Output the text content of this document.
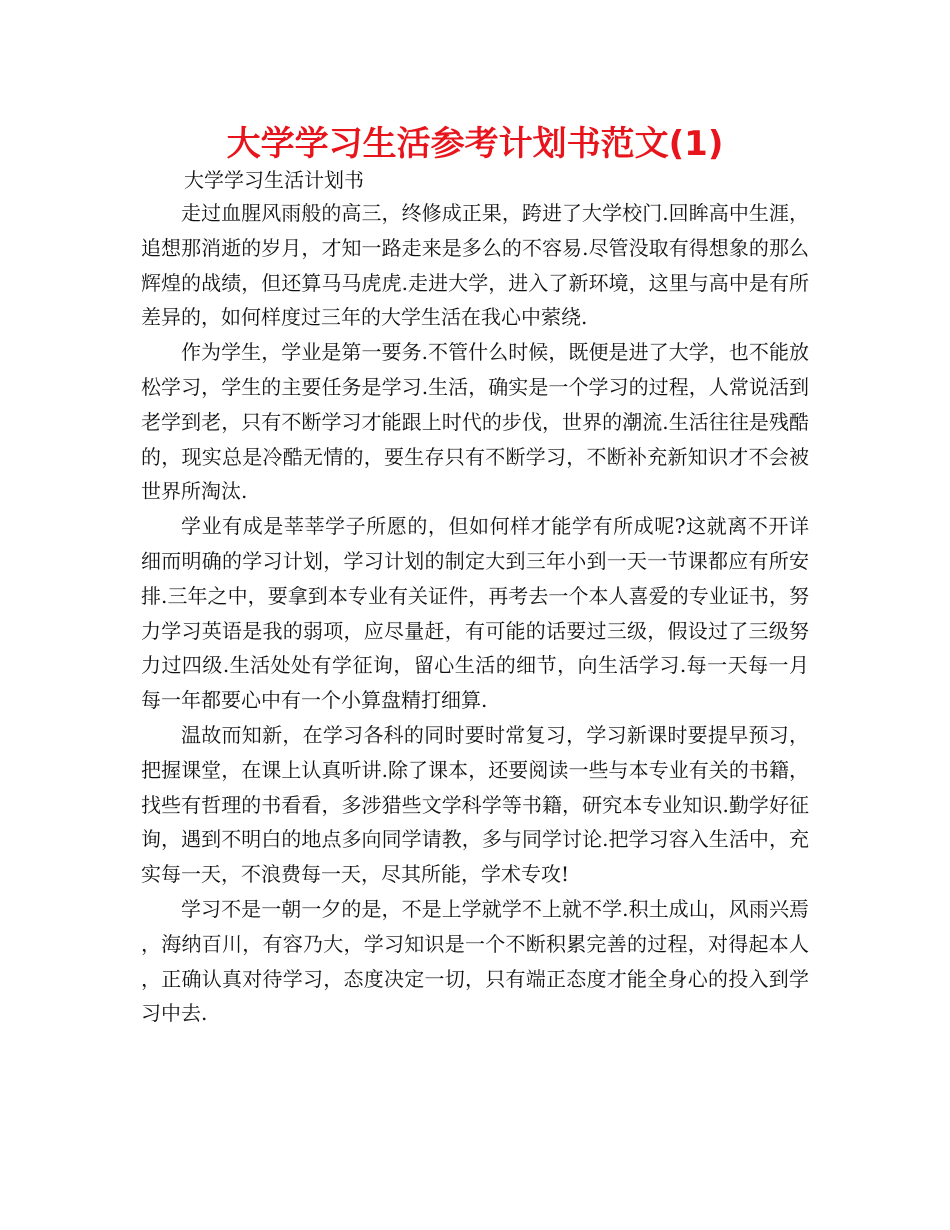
大学学习生活参考计划书范文(1)
大学学习生活计划书

走过血腥风雨般的高三，终修成正果，跨进了大学校门.回眸高中生涯，追想那消逝的岁月，才知一路走来是多么的不容易.尽管没取有得想象的那么辉煌的战绩，但还算马马虎虎.走进大学，进入了新环境，这里与高中是有所差异的，如何样度过三年的大学生活在我心中萦绕.

作为学生，学业是第一要务.不管什么时候，既便是进了大学，也不能放松学习，学生的主要任务是学习.生活，确实是一个学习的过程，人常说活到老学到老，只有不断学习才能跟上时代的步伐，世界的潮流.生活往往是残酷的，现实总是冷酷无情的，要生存只有不断学习，不断补充新知识才不会被世界所淘汰.

学业有成是莘莘学子所愿的，但如何样才能学有所成呢?这就离不开详细而明确的学习计划，学习计划的制定大到三年小到一天一节课都应有所安排.三年之中，要拿到本专业有关证件，再考去一个本人喜爱的专业证书，努力学习英语是我的弱项，应尽量赶，有可能的话要过三级，假设过了三级努力过四级.生活处处有学征询，留心生活的细节，向生活学习.每一天每一月每一年都要心中有一个小算盘精打细算.

温故而知新，在学习各科的同时要时常复习，学习新课时要提早预习，把握课堂，在课上认真听讲.除了课本，还要阅读一些与本专业有关的书籍，找些有哲理的书看看，多涉猎些文学科学等书籍，研究本专业知识.勤学好征询，遇到不明白的地点多向同学请教，多与同学讨论.把学习容入生活中，充实每一天，不浪费每一天，尽其所能，学术专攻!

学习不是一朝一夕的是，不是上学就学不上就不学.积土成山，风雨兴焉，海纳百川，有容乃大，学习知识是一个不断积累完善的过程，对得起本人，正确认真对待学习，态度决定一切，只有端正态度才能全身心的投入到学习中去.
